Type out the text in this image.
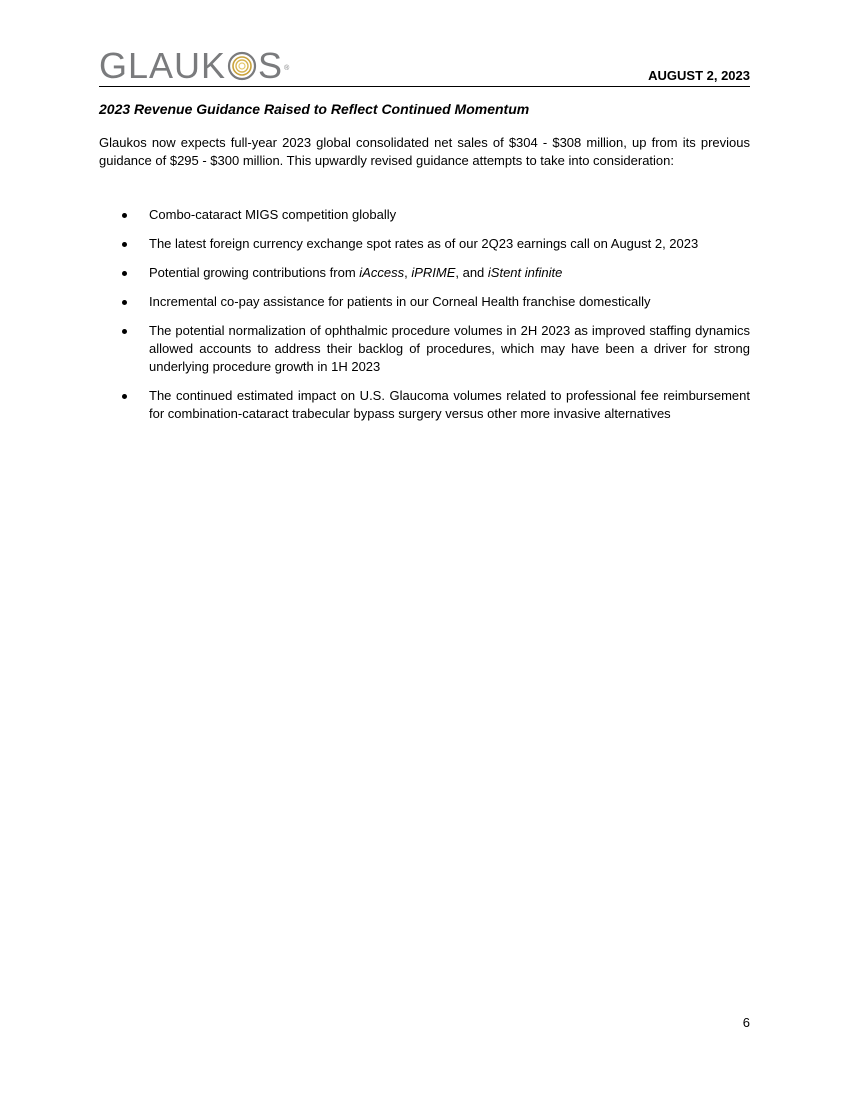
GLAUK S ®	AUGUST 2, 2023
2023 Revenue Guidance Raised to Reflect Continued Momentum

Glaukos now expects full-year 2023 global consolidated net sales of $304 - $308 million, up from its previous guidance of $295 - $300 million. This upwardly revised guidance attempts to take into consideration:

Combo-cataract MIGS competition globally
The latest foreign currency exchange spot rates as of our 2Q23 earnings call on August 2, 2023
Potential growing contributions from iAccess, iPRIME, and iStent infinite
Incremental co-pay assistance for patients in our Corneal Health franchise domestically
The potential normalization of ophthalmic procedure volumes in 2H 2023 as improved staffing dynamics allowed accounts to address their backlog of procedures, which may have been a driver for strong underlying procedure growth in 1H 2023
The continued estimated impact on U.S. Glaucoma volumes related to professional fee reimbursement for combination-cataract trabecular bypass surgery versus other more invasive alternatives
6
